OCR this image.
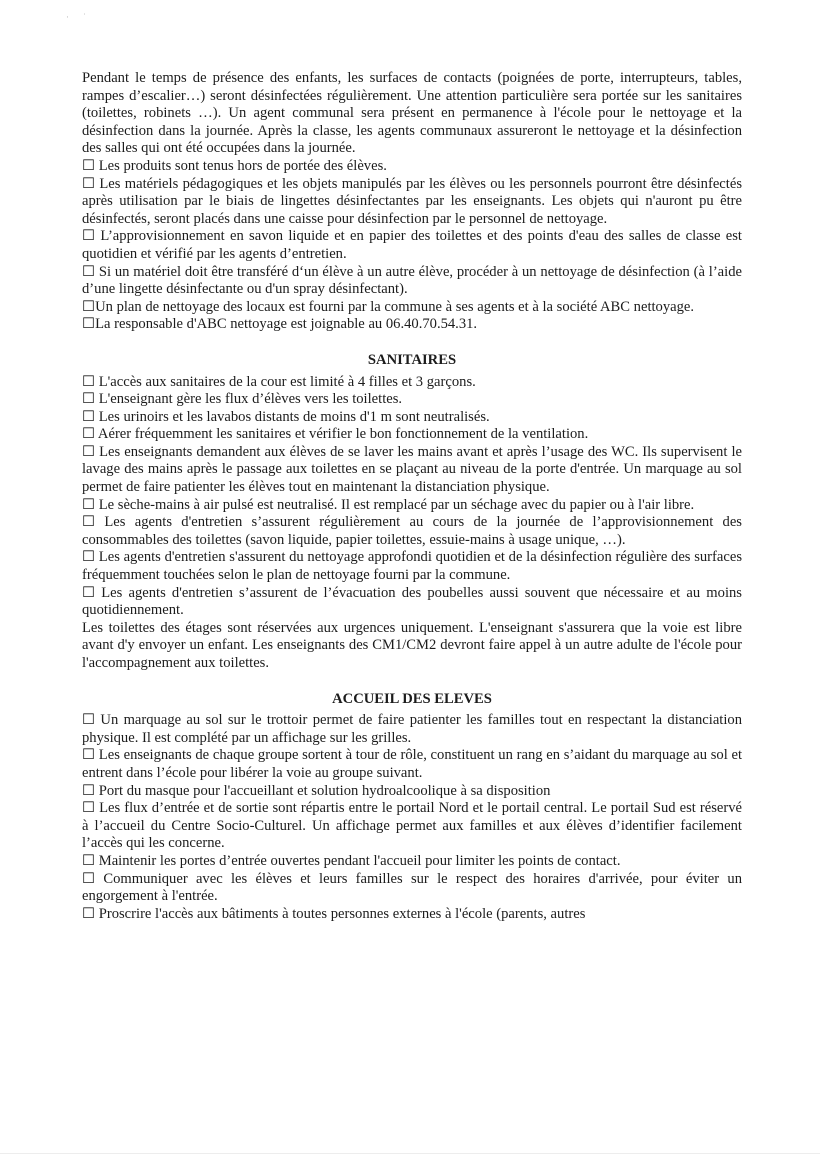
· ˙

Pendant le temps de présence des enfants, les surfaces de contacts (poignées de porte, interrupteurs, tables, rampes d’escalier…) seront désinfectées régulièrement. Une attention particulière sera portée sur les sanitaires (toilettes, robinets …). Un agent communal sera présent en permanence à l'école pour le nettoyage et la désinfection dans la journée. Après la classe, les agents communaux assureront le nettoyage et la désinfection des salles qui ont été occupées dans la journée.

☐ Les produits sont tenus hors de portée des élèves.

☐ Les matériels pédagogiques et les objets manipulés par les élèves ou les personnels pourront être désinfectés après utilisation par le biais de lingettes désinfectantes par les enseignants. Les objets qui n'auront pu être désinfectés, seront placés dans une caisse pour désinfection par le personnel de nettoyage.

☐ L’approvisionnement en savon liquide et en papier des toilettes et des points d'eau des salles de classe est quotidien et vérifié par les agents d’entretien.

☐ Si un matériel doit être transféré d‘un élève à un autre élève, procéder à un nettoyage de désinfection (à l’aide d’une lingette désinfectante ou d'un spray désinfectant).

☐Un plan de nettoyage des locaux est fourni par la commune à ses agents et à la société ABC nettoyage.

☐La responsable d'ABC nettoyage est joignable au 06.40.70.54.31.

SANITAIRES

☐ L'accès aux sanitaires de la cour est limité à 4 filles et 3 garçons.

☐ L'enseignant gère les flux d’élèves vers les toilettes.

☐ Les urinoirs et les lavabos distants de moins d'1 m sont neutralisés.

☐ Aérer fréquemment les sanitaires et vérifier le bon fonctionnement de la ventilation.

☐ Les enseignants demandent aux élèves de se laver les mains avant et après l’usage des WC. Ils supervisent le lavage des mains après le passage aux toilettes en se plaçant au niveau de la porte d'entrée. Un marquage au sol permet de faire patienter les élèves tout en maintenant la distanciation physique.

☐ Le sèche-mains à air pulsé est neutralisé. Il est remplacé par un séchage avec du papier ou à l'air libre.

☐ Les agents d'entretien s’assurent régulièrement au cours de la journée de l’approvisionnement des consommables des toilettes (savon liquide, papier toilettes, essuie-mains à usage unique, …).

☐ Les agents d'entretien s'assurent du nettoyage approfondi quotidien et de la désinfection régulière des surfaces fréquemment touchées selon le plan de nettoyage fourni par la commune.

☐ Les agents d'entretien s’assurent de l’évacuation des poubelles aussi souvent que nécessaire et au moins quotidiennement.

Les toilettes des étages sont réservées aux urgences uniquement. L'enseignant s'assurera que la voie est libre avant d'y envoyer un enfant. Les enseignants des CM1/CM2 devront faire appel à un autre adulte de l'école pour l'accompagnement aux toilettes.

ACCUEIL DES ELEVES

☐ Un marquage au sol sur le trottoir permet de faire patienter les familles tout en respectant la distanciation physique. Il est complété par un affichage sur les grilles.

☐ Les enseignants de chaque groupe sortent à tour de rôle, constituent un rang en s’aidant du marquage au sol et entrent dans l’école pour libérer la voie au groupe suivant.

☐ Port du masque pour l'accueillant et solution hydroalcoolique à sa disposition

☐ Les flux d’entrée et de sortie sont répartis entre le portail Nord et le portail central. Le portail Sud est réservé à l’accueil du Centre Socio-Culturel. Un affichage permet aux familles et aux élèves d’identifier facilement l’accès qui les concerne.

☐ Maintenir les portes d’entrée ouvertes pendant l'accueil pour limiter les points de contact.

☐ Communiquer avec les élèves et leurs familles sur le respect des horaires d'arrivée, pour éviter un engorgement à l'entrée.

☐ Proscrire l'accès aux bâtiments à toutes personnes externes à l'école (parents, autres
